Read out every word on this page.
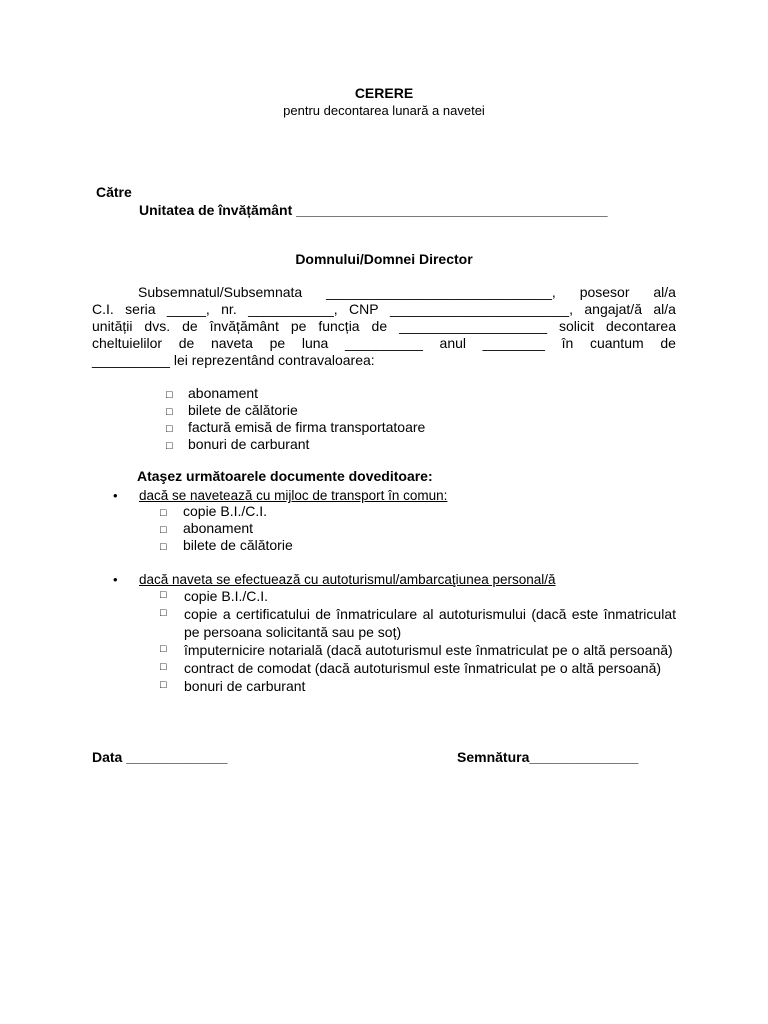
CERERE
pentru decontarea lunară a navetei
Către
Unitatea de învățământ ________________________________________
Domnului/Domnei Director
Subsemnatul/Subsemnata _____________________________, posesor al/a
C.I. seria _____, nr. ___________, CNP _______________________, angajat/ă al/a
unității dvs. de învățământ pe funcția de ___________________ solicit decontarea
cheltuielilor de naveta pe luna __________ anul ________ în cuantum de
__________ lei reprezentând contravaloarea:
□ abonament
□ bilete de călătorie
□ factură emisă de firma transportatoare
□ bonuri de carburant
Ataşez următoarele documente doveditoare:
• dacă se navetează cu mijloc de transport în comun:
□ copie B.I./C.I.
□ abonament
□ bilete de călătorie
• dacă naveta se efectuează cu autoturismul/ambarcaţiunea personal/ă
□	copie B.I./C.I.
□	copie a certificatului de înmatriculare al autoturismului (dacă este înmatriculat pe persoana solicitantă sau pe soț)
□	împuternicire notarială (dacă autoturismul este înmatriculat pe o altă persoană)
□	contract de comodat (dacă autoturismul este înmatriculat pe o altă persoană)
□	bonuri de carburant
Data _____________	Semnătura______________
